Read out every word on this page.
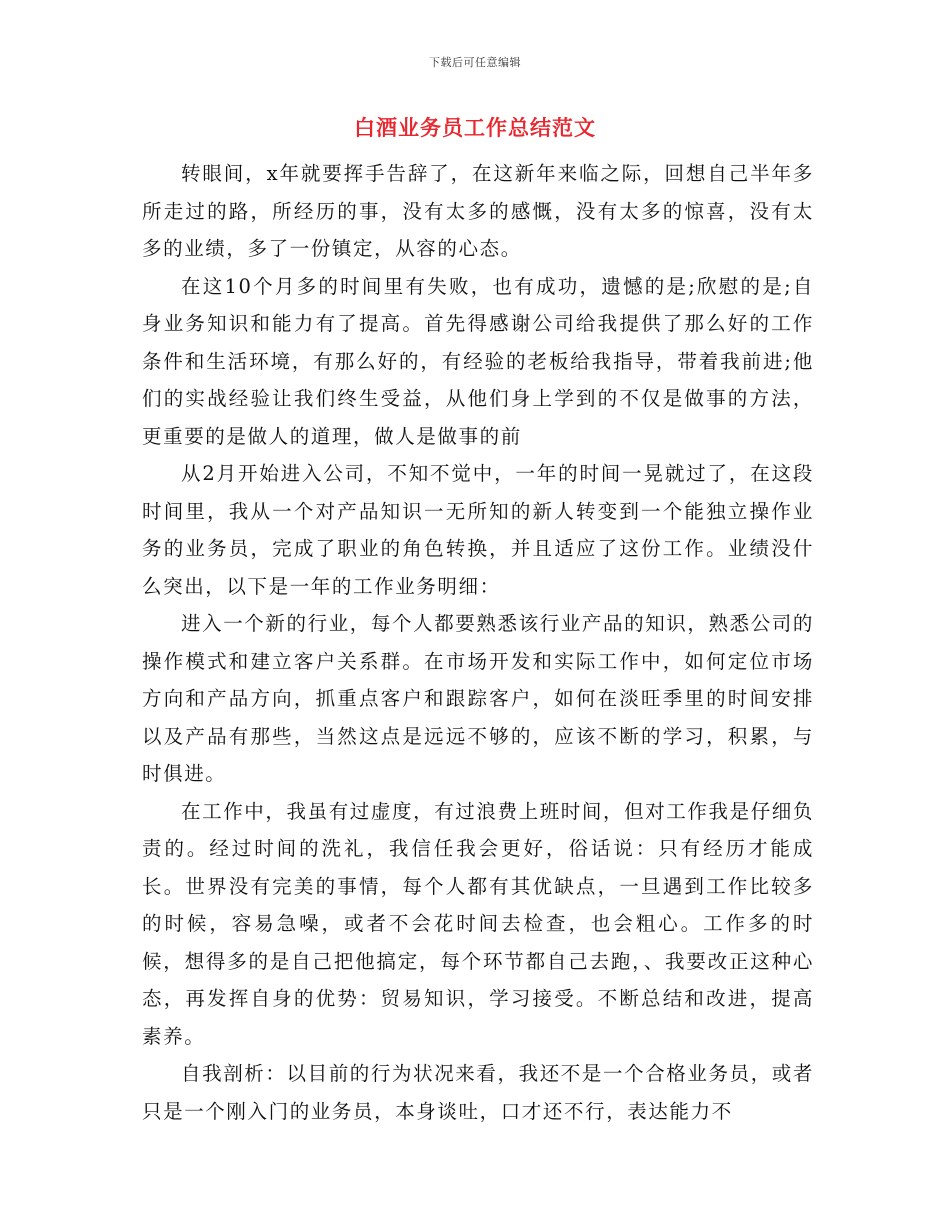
下载后可任意编辑
白酒业务员工作总结范文

转眼间，x年就要挥手告辞了，在这新年来临之际，回想自己半年多所走过的路，所经历的事，没有太多的感慨，没有太多的惊喜，没有太多的业绩，多了一份镇定，从容的心态。

在这10个月多的时间里有失败，也有成功，遗憾的是;欣慰的是;自身业务知识和能力有了提高。首先得感谢公司给我提供了那么好的工作条件和生活环境，有那么好的，有经验的老板给我指导，带着我前进;他们的实战经验让我们终生受益，从他们身上学到的不仅是做事的方法，更重要的是做人的道理，做人是做事的前

从2月开始进入公司，不知不觉中，一年的时间一晃就过了，在这段时间里，我从一个对产品知识一无所知的新人转变到一个能独立操作业务的业务员，完成了职业的角色转换，并且适应了这份工作。业绩没什么突出，以下是一年的工作业务明细：

进入一个新的行业，每个人都要熟悉该行业产品的知识，熟悉公司的操作模式和建立客户关系群。在市场开发和实际工作中，如何定位市场方向和产品方向，抓重点客户和跟踪客户，如何在淡旺季里的时间安排以及产品有那些，当然这点是远远不够的，应该不断的学习，积累，与时俱进。

在工作中，我虽有过虚度，有过浪费上班时间，但对工作我是仔细负责的。经过时间的洗礼，我信任我会更好，俗话说：只有经历才能成长。世界没有完美的事情，每个人都有其优缺点，一旦遇到工作比较多的时候，容易急噪，或者不会花时间去检查，也会粗心。工作多的时候，想得多的是自己把他搞定，每个环节都自己去跑，、我要改正这种心态，再发挥自身的优势：贸易知识，学习接受。不断总结和改进，提高素养。

自我剖析：以目前的行为状况来看，我还不是一个合格业务员，或者只是一个刚入门的业务员，本身谈吐，口才还不行，表达能力不
